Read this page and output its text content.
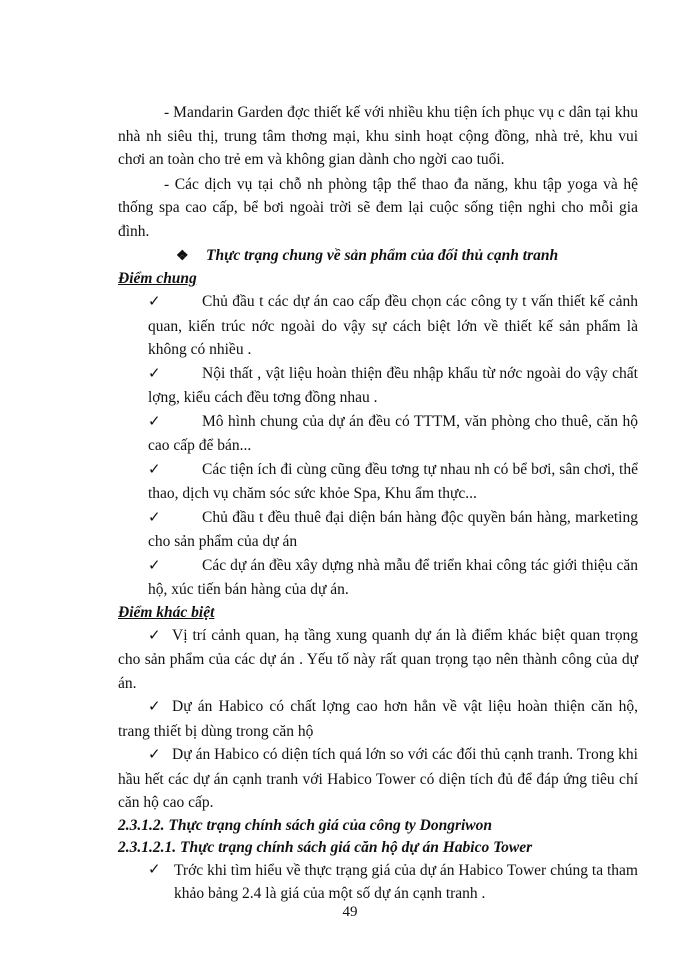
- Mandarin Garden đợc thiết kế với nhiều khu tiện ích phục vụ c dân tại khu nhà nh siêu thị, trung tâm thơng mại, khu sinh hoạt cộng đồng, nhà trẻ, khu vui chơi an toàn cho trẻ em và không gian dành cho ngời cao tuổi.

- Các dịch vụ tại chỗ nh phòng tập thể thao đa năng, khu tập yoga và hệ thống spa cao cấp, bể bơi ngoài trời sẽ đem lại cuộc sống tiện nghi cho mỗi gia đình.

❖ Thực trạng chung về sản phẩm của đối thủ cạnh tranh
Điểm chung
✓	Chủ đầu t các dự án cao cấp đều chọn các công ty t vấn thiết kế cảnh quan, kiến trúc nớc ngoài do vậy sự cách biệt lớn về thiết kế sản phẩm là không có nhiều .
✓	Nội thất , vật liệu hoàn thiện đều nhập khẩu từ nớc ngoài do vậy chất lợng, kiểu cách đều tơng đồng nhau .
✓	Mô hình chung của dự án đều có TTTM, văn phòng cho thuê, căn hộ cao cấp để bán...
✓	Các tiện ích đi cùng cũng đều tơng tự nhau nh có bể bơi, sân chơi, thể thao, dịch vụ chăm sóc sức khỏe Spa, Khu ẩm thực...
✓	Chủ đầu t đều thuê đại diện bán hàng độc quyền bán hàng, marketing cho sản phẩm của dự án
✓	Các dự án đều xây dựng nhà mẫu để triển khai công tác giới thiệu căn hộ, xúc tiến bán hàng của dự án.
Điểm khác biệt
✓ Vị trí cảnh quan, hạ tầng xung quanh dự án là điểm khác biệt quan trọng cho sản phẩm của các dự án . Yếu tố này rất quan trọng tạo nên thành công của dự án.
✓ Dự án Habico có chất lợng cao hơn hẳn về vật liệu hoàn thiện căn hộ, trang thiết bị dùng trong căn hộ
✓ Dự án Habico có diện tích quá lớn so với các đối thủ cạnh tranh. Trong khi hầu hết các dự án cạnh tranh với Habico Tower có diện tích đủ để đáp ứng tiêu chí căn hộ cao cấp.

2.3.1.2. Thực trạng chính sách giá của công ty Dongriwon

2.3.1.2.1. Thực trạng chính sách giá căn hộ dự án Habico Tower

✓ Trớc khi tìm hiểu về thực trạng giá của dự án Habico Tower chúng ta tham khảo bảng 2.4 là giá của một số dự án cạnh tranh .
49
